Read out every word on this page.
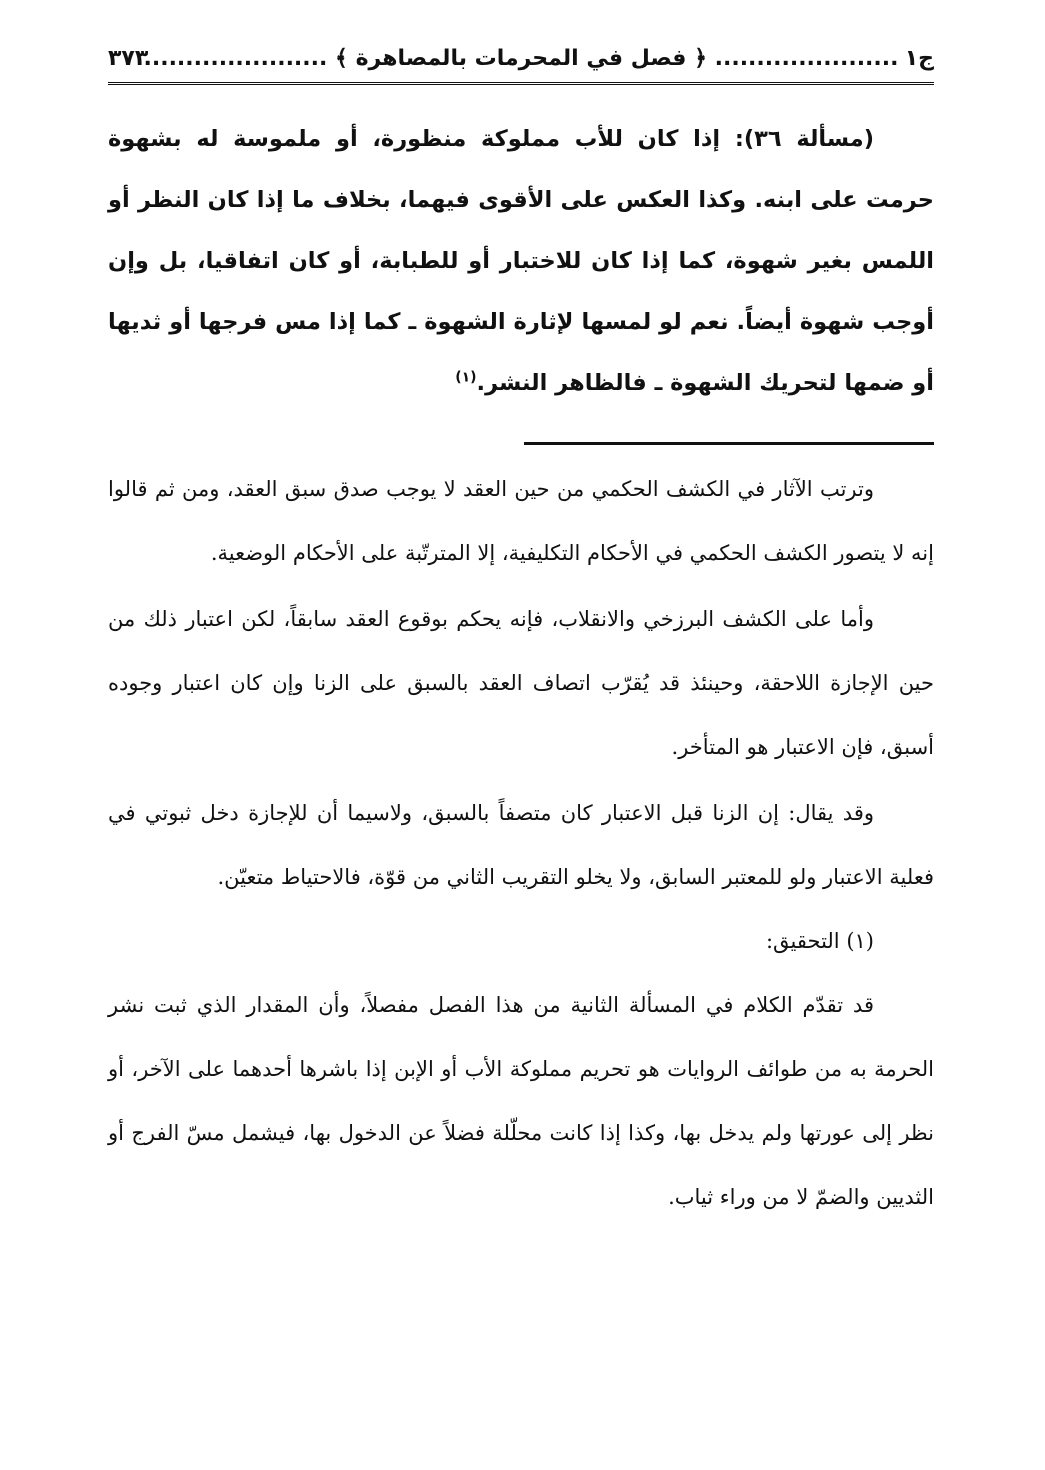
ج١
...................... ﴿ فصل في المحرمات بالمصاهرة ﴾ ......................
٣٧٣

(مسألة ٣٦): إذا كان للأب مملوكة منظورة، أو ملموسة له بشهوة حرمت على ابنه. وكذا العكس على الأقوى فيهما، بخلاف ما إذا كان النظر أو اللمس بغير شهوة، كما إذا كان للاختبار أو للطبابة، أو كان اتفاقيا، بل وإن أوجب شهوة أيضاً. نعم لو لمسها لإثارة الشهوة ـ كما إذا مس فرجها أو ثديها أو ضمها لتحريك الشهوة ـ فالظاهر النشر.$^{(١)}$

وترتب الآثار في الكشف الحكمي من حين العقد لا يوجب صدق سبق العقد، ومن ثم قالوا إنه لا يتصور الكشف الحكمي في الأحكام التكليفية، إلا المترتّبة على الأحكام الوضعية.

وأما على الكشف البرزخي والانقلاب، فإنه يحكم بوقوع العقد سابقاً، لكن اعتبار ذلك من حين الإجازة اللاحقة، وحينئذ قد يُقرّب اتصاف العقد بالسبق على الزنا وإن كان اعتبار وجوده أسبق، فإن الاعتبار هو المتأخر.

وقد يقال: إن الزنا قبل الاعتبار كان متصفاً بالسبق، ولاسيما أن للإجازة دخل ثبوتي في فعلية الاعتبار ولو للمعتبر السابق، ولا يخلو التقريب الثاني من قوّة، فالاحتياط متعيّن.

(١) التحقيق:

قد تقدّم الكلام في المسألة الثانية من هذا الفصل مفصلاً، وأن المقدار الذي ثبت نشر الحرمة به من طوائف الروايات هو تحريم مملوكة الأب أو الإبن إذا باشرها أحدهما على الآخر، أو نظر إلى عورتها ولم يدخل بها، وكذا إذا كانت محلّلة فضلاً عن الدخول بها، فيشمل مسّ الفرج أو الثديين والضمّ لا من وراء ثياب.
